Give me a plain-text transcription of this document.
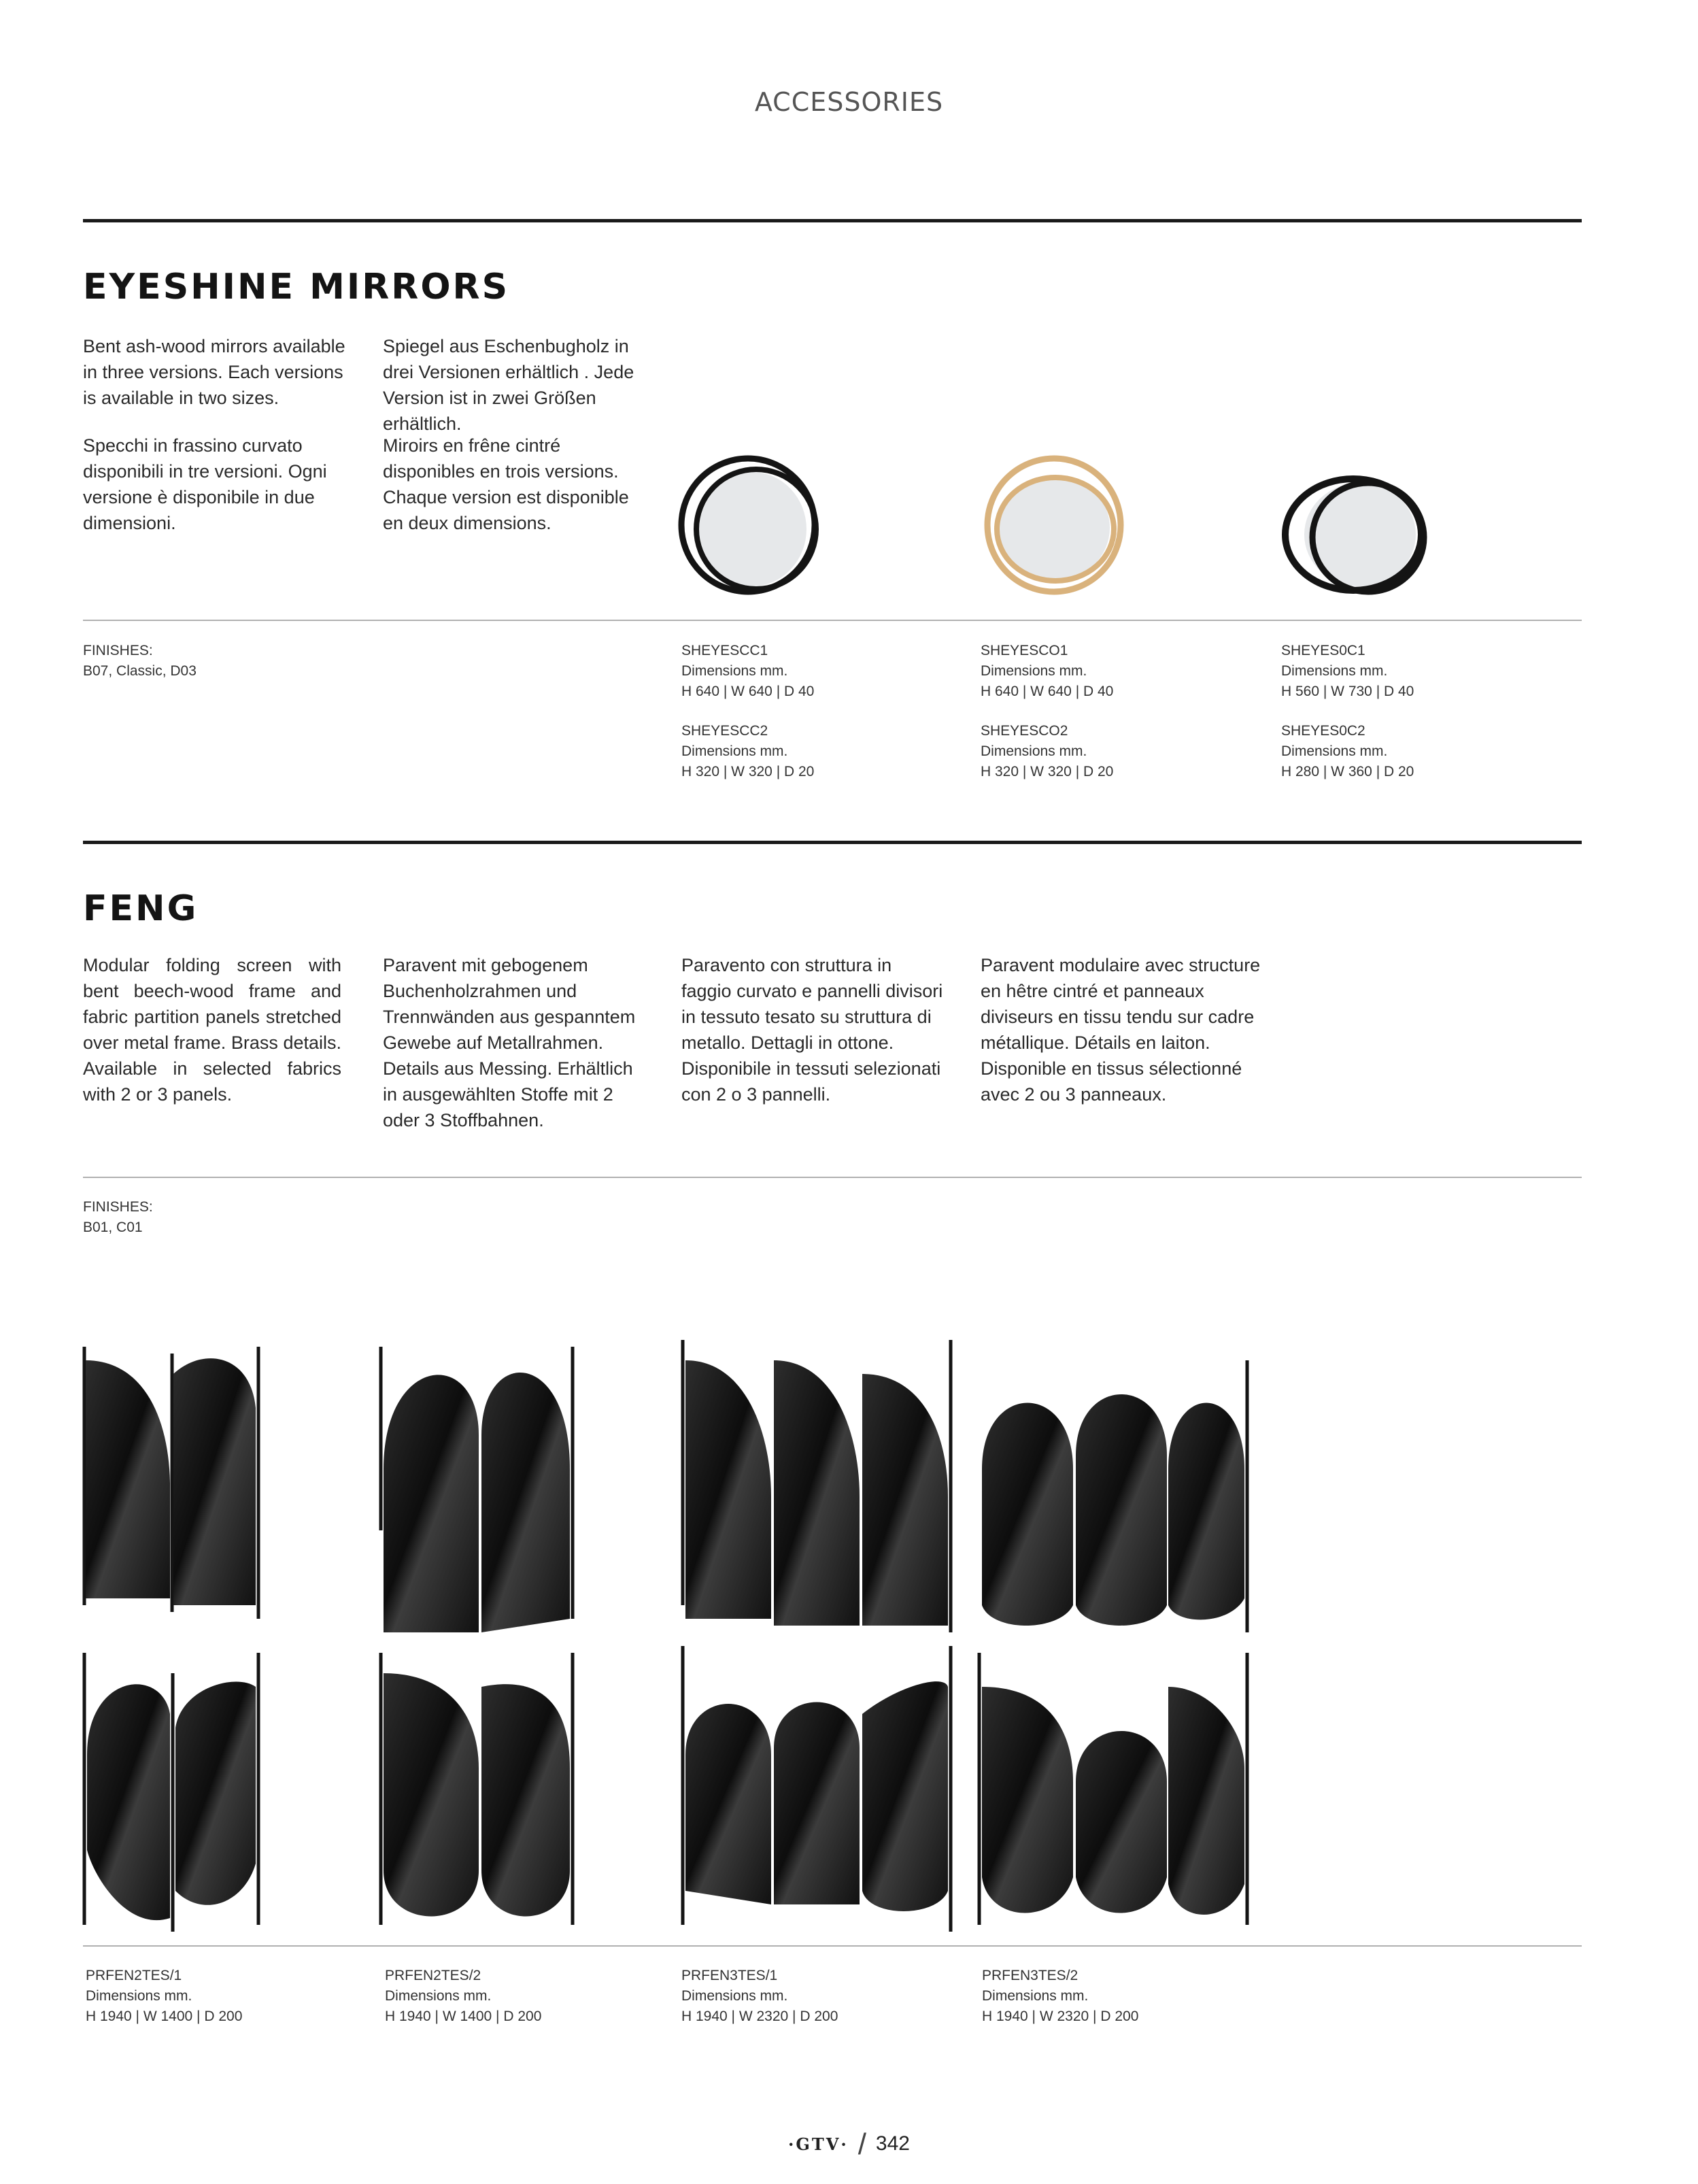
ACCESSORIES
EYESHINE MIRRORS

Bent ash-wood mirrors available in three versions. Each versions is available in two sizes.

Spiegel aus Eschenbugholz in drei Versionen erhältlich . Jede Version ist in zwei Größen erhältlich.

Specchi in frassino curvato disponibili in tre versioni. Ogni versione è disponibile in due dimensioni.

Miroirs en frêne cintré disponibles en trois versions. Chaque version est disponible en deux dimensions.

FINISHES:

B07, Classic, D03

SHEYESCC1

Dimensions mm.

H 640 | W 640 | D 40

SHEYESCC2

Dimensions mm.

H 320 | W 320 | D 20

SHEYESCO1

Dimensions mm.

H 640 | W 640 | D 40

SHEYESCO2

Dimensions mm.

H 320 | W 320 | D 20

SHEYES0C1

Dimensions mm.

H 560 | W 730 | D 40

SHEYES0C2

Dimensions mm.

H 280 | W 360 | D 20

FENG

Modular folding screen with bent beech-wood frame and fabric partition panels stretched over metal frame. Brass details. Available in selected fabrics with 2 or 3 panels.

Paravent mit gebogenem Buchenholzrahmen und Trennwänden aus gespanntem Gewebe auf Metallrahmen. Details aus Messing. Erhältlich in ausgewählten Stoffe mit 2 oder 3 Stoffbahnen.

Paravento con struttura in faggio curvato e pannelli divisori in tessuto tesato su struttura di metallo. Dettagli in ottone. Disponibile in tessuti selezionati con 2 o 3 pannelli.

Paravent modulaire avec structure en hêtre cintré et panneaux diviseurs en tissu tendu sur cadre métallique. Détails en laiton. Disponible en tissus sélectionné avec 2 ou 3 panneaux.

FINISHES:

B01, C01

PRFEN2TES/1

Dimensions mm.

H 1940 | W 1400 | D 200

PRFEN2TES/2

Dimensions mm.

H 1940 | W 1400 | D 200

PRFEN3TES/1

Dimensions mm.

H 1940 | W 2320 | D 200

PRFEN3TES/2

Dimensions mm.

H 1940 | W 2320 | D 200

·GTV· / 342
